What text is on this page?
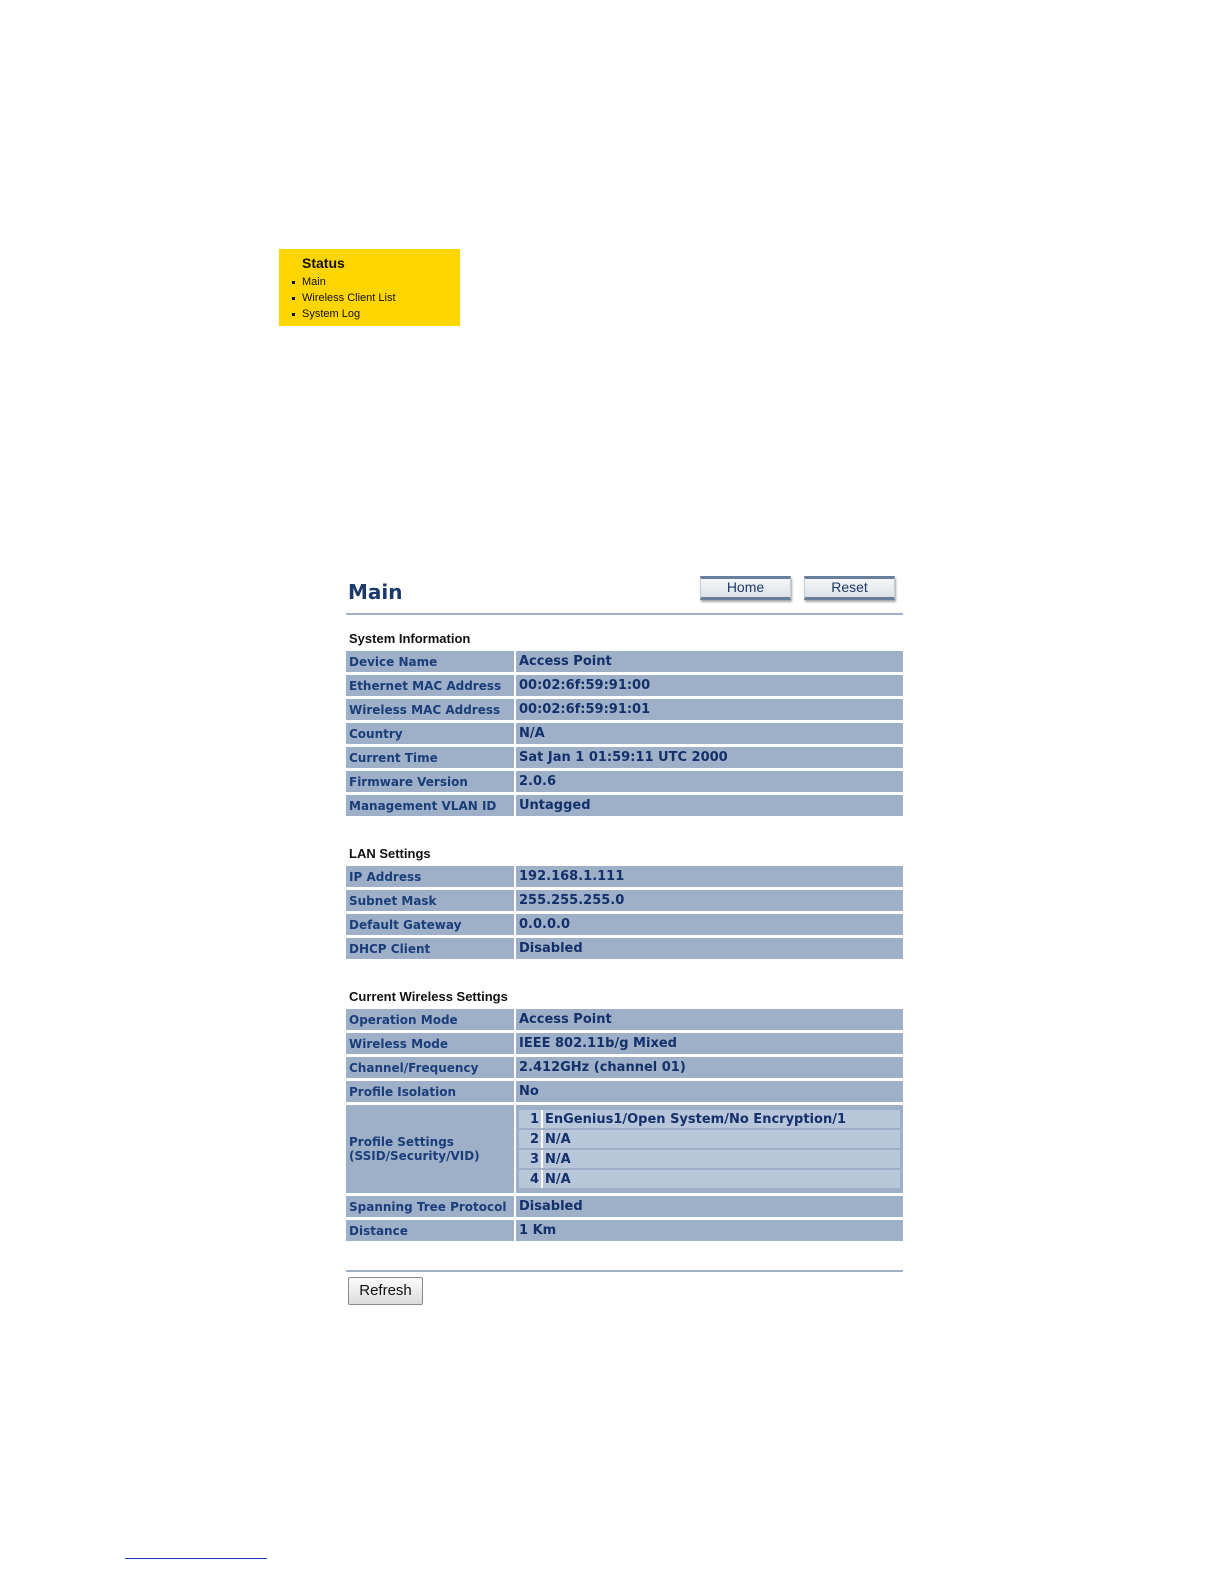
Status
Main
Wireless Client List
System Log
Main	Home	Reset
System Information
Device Name	Access Point
Ethernet MAC Address	00:02:6f:59:91:00
Wireless MAC Address	00:02:6f:59:91:01
Country	N/A
Current Time	Sat Jan 1 01:59:11 UTC 2000
Firmware Version	2.0.6
Management VLAN ID	Untagged
LAN Settings
IP Address	192.168.1.111
Subnet Mask	255.255.255.0
Default Gateway	0.0.0.0
DHCP Client	Disabled
Current Wireless Settings
Operation Mode	Access Point
Wireless Mode	IEEE 802.11b/g Mixed
Channel/Frequency	2.412GHz (channel 01)
Profile Isolation	No

Profile Settings
(SSID/Security/VID)

1	EnGenius1/Open System/No Encryption/1
2	N/A
3	N/A
4	N/A

Spanning Tree Protocol	Disabled
Distance	1 Km
Refresh
